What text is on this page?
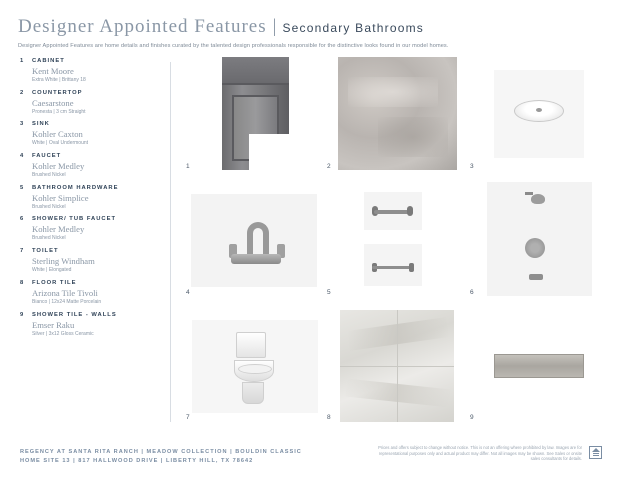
Designer Appointed Features | Secondary Bathrooms
Designer Appointed Features are home details and finishes curated by the talented design professionals responsible for the distinctive looks found in our model homes.
1	CABINET
Kent Moore
Extra White | Brittany 18
2	COUNTERTOP
Caesarstone
Pronesta | 3 cm Straight
3	SINK
Kohler Caxton
White | Oval Undermount
4	FAUCET
Kohler Medley
Brushed Nickel
5	BATHROOM HARDWARE
Kohler Simplice
Brushed Nickel
6	SHOWER/ TUB FAUCET
Kohler Medley
Brushed Nickel
7	TOILET
Sterling Windham
White | Elongated
8	FLOOR TILE
Arizona Tile Tivoli
Bianco | 12x24 Matte Porcelain
9	SHOWER TILE - WALLS
Emser Raku
Silver | 3x12 Gloss Ceramic
1	2	3
4	5	6
7	8	9
REGENCY AT SANTA RITA RANCH | MEADOW COLLECTION | BOULDIN CLASSIC
HOME SITE 13 | 817 HALLWOOD DRIVE | LIBERTY HILL, TX 78642
Prices and offers subject to change without notice. This is not an offering where prohibited by law. Images are for representational purposes only and actual product may differ. Not all images may be shown. See Sales or onsite sales consultants for details.
